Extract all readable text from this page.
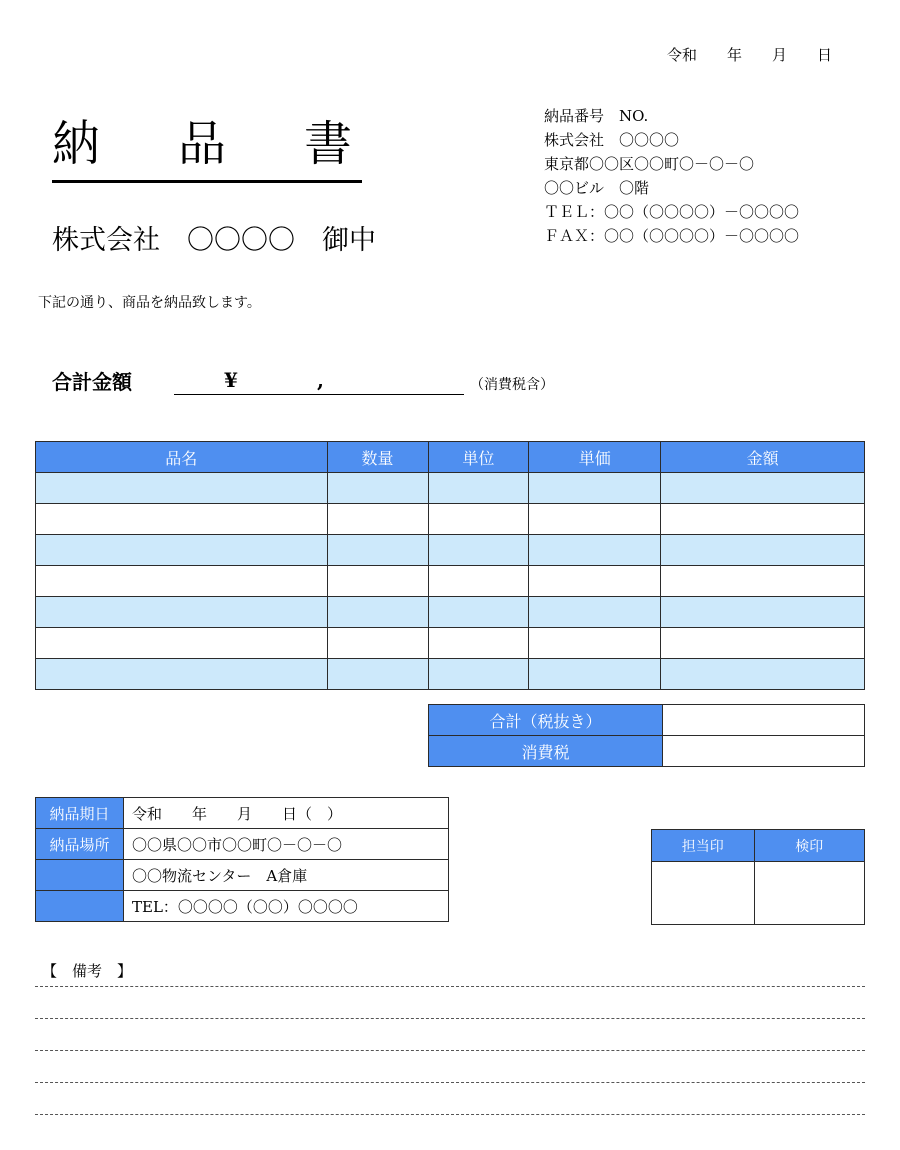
令和　　年　　月　　日
納 品 書
株式会社　〇〇〇〇　御中
納品番号　NO.
株式会社　〇〇〇〇
東京都〇〇区〇〇町〇－〇－〇
〇〇ビル　〇階
ＴＥＬ：〇〇（〇〇〇〇）－〇〇〇〇
ＦＡＸ：〇〇（〇〇〇〇）－〇〇〇〇
下記の通り、商品を納品致します。
合計金額	¥	,	（消費税含）
品名	数量	単位	単価	金額

合計（税抜き）	
消費税	
納品期日	令和　　年　　月　　日（　）
納品場所	〇〇県〇〇市〇〇町〇－〇－〇
	〇〇物流センター　A倉庫
	TEL：〇〇〇〇（〇〇）〇〇〇〇
担当印	検印

【　備考　】
